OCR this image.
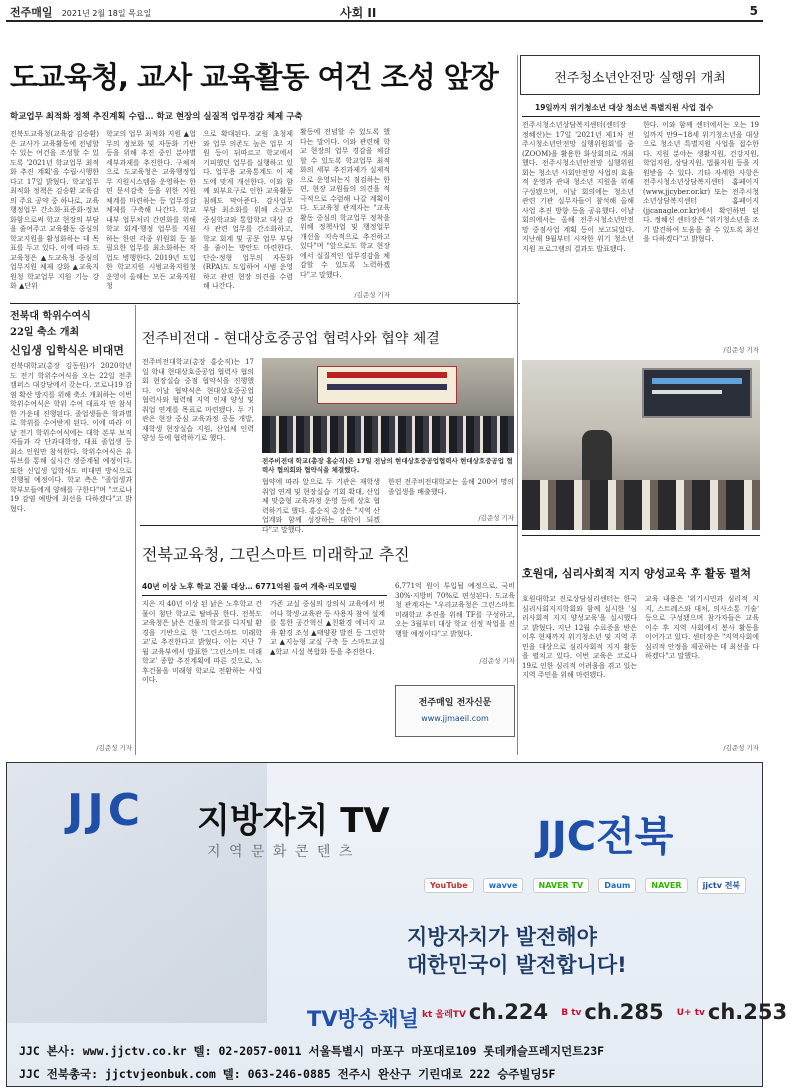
전주매일 2021년 2월 18일 목요일	사회 II	5
도교육청, 교사 교육활동 여건 조성 앞장
학교업무 최적화 정책 추진계획 수립… 학교 현장의 실질적 업무경감 체제 구축

전북도교육청(교육감 김승환)은 교사가 교육활동에 전념할 수 있는 여건을 조성할 수 있도록 '2021년 학교업무 최적화 추진 계획'을 수립·시행한다고 17일 밝혔다. 학교업무 최적화 정책은 김승환 교육감의 주요 공약 중 하나로, 교육행정업무 간소화·표준화·정보화함으로써 학교 현장의 부담을 줄여주고 교육활동 중심의 학교지원을 활성화하는 데 목표를 두고 있다. 이에 따라 도교육청은 ▲도교육청 중심의 업무지원 체제 강화 ▲교육지원청 학교업무 지원 기능 강화 ▲단위

학교의 업무 최적화 지원 ▲업무의 정보화 및 자동화 기반 등을 위해 추진 중인 분야별 세부과제를 추진한다. 구체적으로 도교육청은 교육행정업무 지원시스템을 운영하는 한편 문서감축 등을 위한 지원체계를 마련하는 등 업무경감 체제를 구축해 나간다. 학교 내부 업무처리 간편화를 위해 학교 회계·행정 업무를 지원하는 한편 각종 위원회 등 불필요한 업무를 최소화하는 작업도 병행한다. 2019년 도입한 학교지원 시범교육지원청 운영이 올해는 모든 교육지원청

으로 확대된다. 교원 초청제와 업무 의존도 높은 업무 지원 등이 뒤따르고 학교에서 기피했던 업무를 실행하고 있다. 업무용 교육통계도 이 제도에 맞게 개선한다. 이와 함께 외부요구로 인한 교육활동 침해도 막아준다. 감사업무 부담 최소화를 위해 소규모 중심학교와 통합학교 대상 감사 관련 업무를 간소화하고, 학교 회계 및 공문 업무 부담을 줄이는 방안도 마련한다. 단순·정형 업무의 자동화(RPA)도 도입하여 시범 운영하고 관련 현장 의견을 수렴해 나간다.

활동에 전념할 수 있도록 했다는 말이다. 이와 관련해 학교 현장의 업무 경감을 체감할 수 있도록 학교업무 최적화의 세부 추진과제가 실제적으로 운영되는지 점검하는 한편, 현장 교원들의 의견을 적극적으로 수렴해 나갈 계획이다. 도교육청 관계자는 "교육활동 중심의 학교업무 정착을 위해 정책사업 및 행정업무 개선을 지속적으로 추진하고 있다"며 "앞으로도 학교 현장에서 실질적인 업무경감을 체감할 수 있도록 노력하겠다"고 말했다.

/김준성 기자
전주청소년안전망 실행위 개최
19일까지 위기청소년 대상 청소년 특별지원 사업 접수

전주시청소년상담복지센터(센터장 정혜신)는 17일 '2021년 제1차 전주시청소년안전망 실행위원회'를 줌(ZOOM)을 활용한 화상회의로 개최했다. 전주시청소년안전망 실행위원회는 청소년 사회안전망 사업의 효율적 운영과 관내 청소년 지원을 위해 구성됐으며, 이날 회의에는 청소년 관련 기관 실무자들이 참석해 올해 사업 추진 방향 등을 공유했다. 이날 회의에서는 올해 전주시청소년안전망 중점사업 계획 등이 보고되었다. 지난해 9월부터 시작한 위기 청소년 지원 프로그램의 결과도 발표됐다.

한다. 이와 함께 센터에서는 오는 19일까지 만9~18세 위기청소년을 대상으로 청소년 특별지원 사업을 접수한다. 지원 분야는 생활지원, 건강지원, 학업지원, 상담지원, 법률지원 등을 지원받을 수 있다. 기타 자세한 사항은 전주시청소년상담복지센터 홈페이지(www.jjcyber.or.kr) 또는 전주시청소년상담복지센터 홈페이지(jjcanagle.or.kr)에서 확인하면 된다. 정혜신 센터장은 "위기청소년을 조기 발견하여 도움을 줄 수 있도록 최선을 다하겠다"고 밝혔다.

/김준성 기자
전북대 학위수여식
22일 축소 개최
신입생 입학식은 비대면

전북대학교(총장 김동원)가 2020학년도 전기 학위수여식을 오는 22일 전주 캠퍼스 대강당에서 갖는다. 코로나19 감염 확산 방지를 위해 축소 개최하는 이번 학위수여식은 학위 수여 대표자 만 참석한 가운데 진행된다. 졸업생들은 학과별로 학위를 수여받게 된다. 이에 따라 이날 전기 학위수여식에는 대학 본부 보직자들과 각 단과대학장, 대표 졸업생 등 최소 인원만 참석한다. 학위수여식은 유튜브를 통해 실시간 생중계될 예정이다. 또한 신입생 입학식도 비대면 방식으로 진행될 예정이다. 학교 측은 "졸업생과 학부모들에게 양해를 구한다"며 "코로나19 감염 예방에 최선을 다하겠다"고 밝혔다.

/김준성 기자
전주비전대 - 현대상호중공업 협력사와 협약 체결

전주비전대학교(총장 홍순직)는 17일 학내 현대상호중공업 협력사 협의회 현장실습 중점 협약식을 진행했다. 이날 협약식은 현대상호중공업 협력사와 협력해 지역 인재 양성 및 취업 연계를 목표로 마련됐다. 두 기관은 현장 중심 교육과정 공동 개발, 재학생 현장실습 지원, 산업체 인력 양성 등에 협력하기로 했다.

전주비전대 학교(총장 홍순직)은 17일 전남의 현대상호중공업협력사 현대상호중공업 협력사 협의회와 협약식을 체결했다.

협약에 따라 앞으로 두 기관은 재학생 취업 연계 및 현장실습 기회 확대, 산업체 맞춤형 교육과정 운영 등에 상호 협력하기로 했다. 홍순직 총장은 "지역 산업계와 함께 성장하는 대학이 되겠다"고 말했다.

한편 전주비전대학교는 올해 200여 명의 졸업생을 배출했다.

/김준성 기자
전북교육청, 그린스마트 미래학교 추진
40년 이상 노후 학교 건물 대상… 6771억원 들여 개축·리모델링

지은 지 40년 이상 된 낡은 노후학교 건물이 첨단 학교로 탈바꿈 한다. 전북도교육청은 낡은 건물의 학교를 디지털 환경을 기반으로 한 '그린스마트 미래학교'로 추진한다고 밝혔다. 이는 지난 7월 교육부에서 발표한 '그린스마트 미래학교' 종합 추진계획에 따른 것으로, 노후건물을 미래형 학교로 전환하는 사업이다.

가존 교실 중심의 강의식 교육에서 벗어나 학생·교육관 등 사용자 참여 설계를 통한 공간혁신 ▲친환경 에너지 교육 환경 조성 ▲태양광 발전 등 그린학교 ▲지능형 교실 구축 등 스마트교실 ▲학교 시설 복합화 등을 추진한다.

6,771억 원이 투입될 예정으로, 국비 30%·지방비 70%로 편성된다. 도교육청 관계자는 "우리교육청은 그린스마트 미래학교 추진을 위해 TF를 구성하고, 오는 3월부터 대상 학교 선정 작업을 진행할 예정이다"고 밝혔다.

/김준성 기자
전주매일 전자신문
www.jjmaeil.com
호원대, 심리사회적 지지 양성교육 후 활동 펼쳐

호원대학교 진로상담심리센터는 한국심리사회지지학회와 함께 실시한 '심리사회적 지지 양성교육'을 실시했다고 밝혔다. 지난 12월 수료증을 받은 이후 현재까지 위기청소년 및 지역 주민을 대상으로 심리사회적 지지 활동을 펼치고 있다. 이번 교육은 코로나19로 인한 심리적 어려움을 겪고 있는 지역 주민을 위해 마련됐다.

교육 내용은 '위기시민과 심리적 지지, 스트레스와 대처, 의사소통 기술' 등으로 구성됐으며 참가자들은 교육 이수 후 지역 사회에서 봉사 활동을 이어가고 있다. 센터장은 "지역사회에 심리적 안정을 제공하는 데 최선을 다하겠다"고 말했다.

/김준성 기자
JJC 지방자치 TV
지 역 문 화 콘 텐 츠	JJC전북
YouTube	wavve	NAVER TV	Daum	NAVER	jjctv 전북
지방자치가 발전해야
대한민국이 발전합니다!
TV방송채널 kt 올레TV ch.224 B tv ch.285 U+ tv ch.253
JJC 본사: www.jjctv.co.kr 텔: 02-2057-0011 서울특별시 마포구 마포대로109 롯데캐슬프레지던트23F
JJC 전북총국: jjctvjeonbuk.com 텔: 063-246-0885 전주시 완산구 기린대로 222 승주빌딩5F
